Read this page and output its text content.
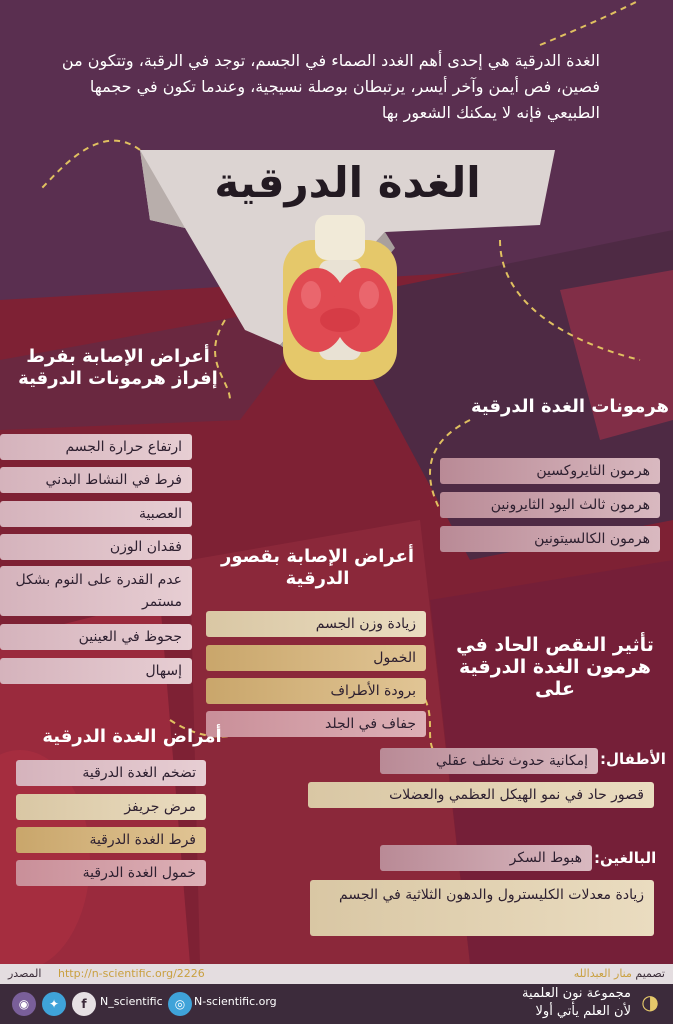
الغدة الدرقية هي إحدى أهم الغدد الصماء في الجسم، توجد في الرقبة، وتتكون من فصين، فص أيمن وآخر أيسر، يرتبطان بوصلة نسيجية، وعندما تكون في حجمها الطبيعي فإنه لا يمكنك الشعور بها
الغدة الدرقية
أعراض الإصابة بفرط إفراز هرمونات الدرقية
ارتفاع حرارة الجسم
فرط في النشاط البدني
العصبية
فقدان الوزن
عدم القدرة على النوم بشكل مستمر
جحوظ في العينين
إسهال
هرمونات الغدة الدرقية
هرمون الثايروكسين
هرمون ثالث اليود الثايرونين
هرمون الكالسيتونين
أعراض الإصابة بقصور الدرقية
زيادة وزن الجسم
الخمول
برودة الأطراف
جفاف في الجلد
تأثير النقص الحاد في هرمون الغدة الدرقية على
الأطفال:
إمكانية حدوث تخلف عقلي
قصور حاد في نمو الهيكل العظمي والعضلات
البالغين:
هبوط السكر
زيادة معدلات الكليسترول والدهون الثلاثية في الجسم
أمراض الغدة الدرقية
تضخم الغدة الدرقية
مرض جريفز
فرط الغدة الدرقية
خمول الغدة الدرقية
المصدر http://n-scientific.org/2226	تصميم منار العبدالله
◉	✦	f	N_scientific	◎ N-scientific.org
مجموعة نون العلمية
لأن العلم يأتي أولا ◑
